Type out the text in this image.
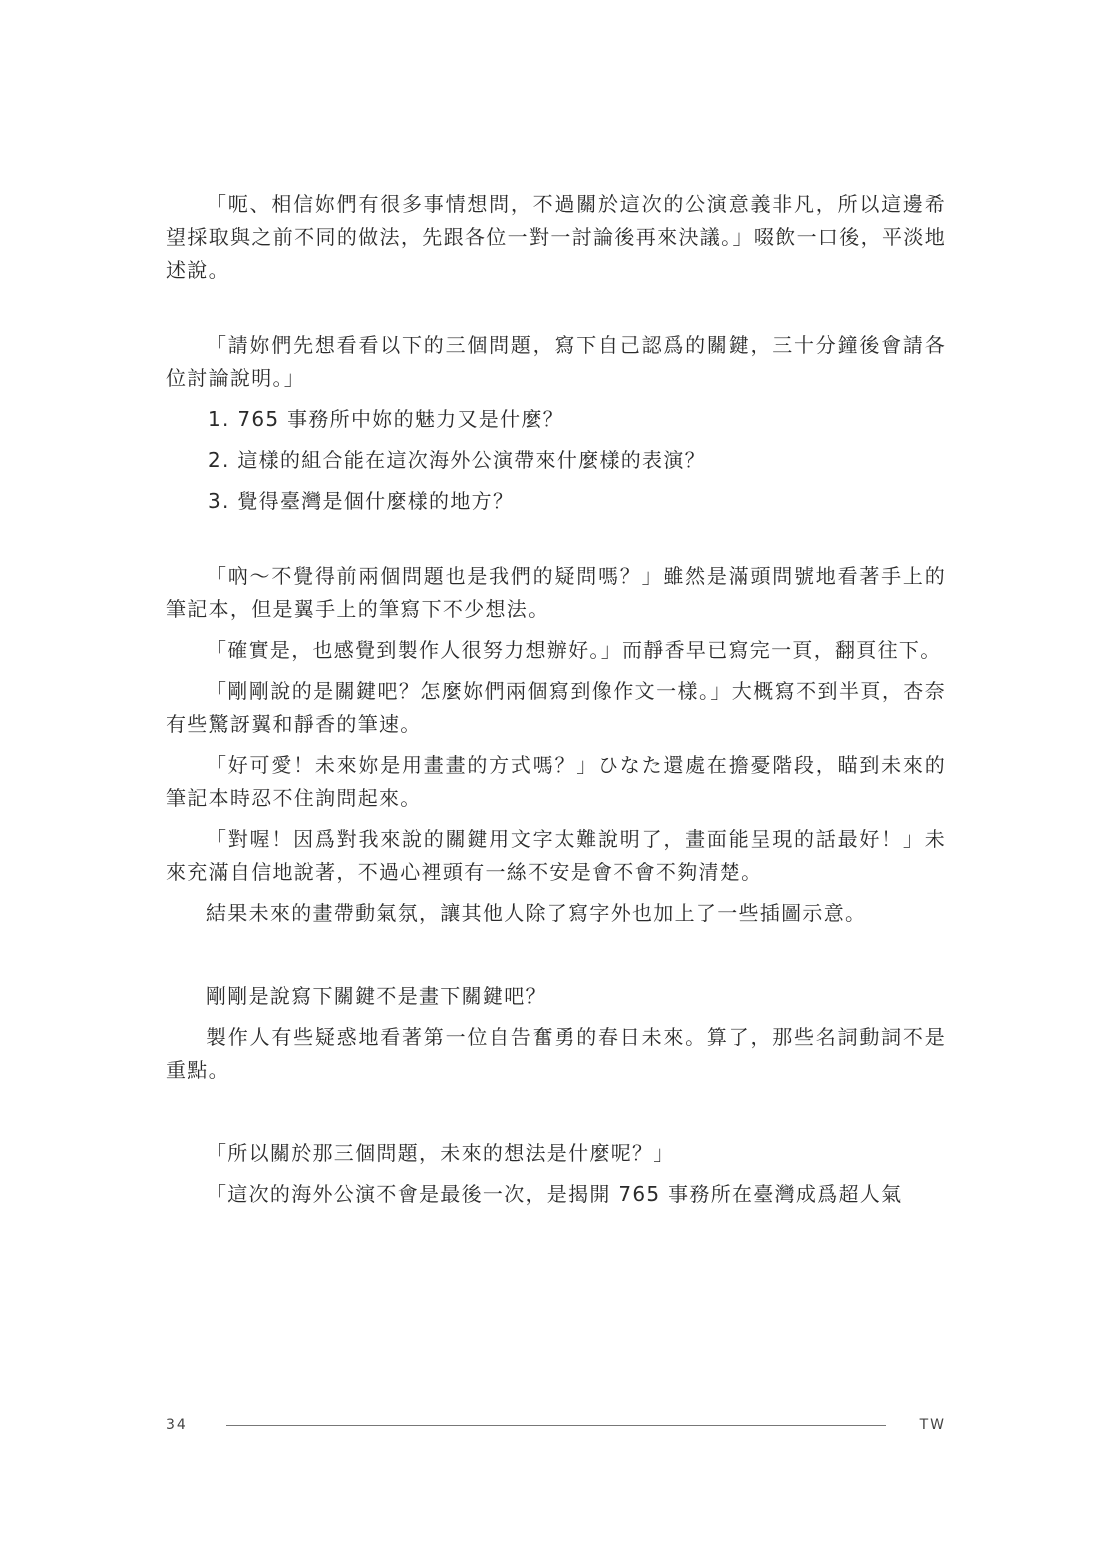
「呃、相信妳們有很多事情想問，不過關於這次的公演意義非凡，所以這邊希望採取與之前不同的做法，先跟各位一對一討論後再來決議。」啜飲一口後，平淡地述說。

「請妳們先想看看以下的三個問題，寫下自己認爲的關鍵，三十分鐘後會請各位討論說明。」

1. 765 事務所中妳的魅力又是什麼？
2. 這樣的組合能在這次海外公演帶來什麼樣的表演？
3. 覺得臺灣是個什麼樣的地方？

「吶～不覺得前兩個問題也是我們的疑問嗎？」雖然是滿頭問號地看著手上的筆記本，但是翼手上的筆寫下不少想法。

「確實是，也感覺到製作人很努力想辦好。」而靜香早已寫完一頁，翻頁往下。

「剛剛說的是關鍵吧？怎麼妳們兩個寫到像作文一樣。」大概寫不到半頁，杏奈有些驚訝翼和靜香的筆速。

「好可愛！未來妳是用畫畫的方式嗎？」ひなた還處在擔憂階段，瞄到未來的筆記本時忍不住詢問起來。

「對喔！因爲對我來說的關鍵用文字太難說明了，畫面能呈現的話最好！」未來充滿自信地說著，不過心裡頭有一絲不安是會不會不夠清楚。

結果未來的畫帶動氣氛，讓其他人除了寫字外也加上了一些插圖示意。

剛剛是說寫下關鍵不是畫下關鍵吧？

製作人有些疑惑地看著第一位自告奮勇的春日未來。算了，那些名詞動詞不是重點。

「所以關於那三個問題，未來的想法是什麼呢？」

「這次的海外公演不會是最後一次，是揭開 765 事務所在臺灣成爲超人氣

34	TW
